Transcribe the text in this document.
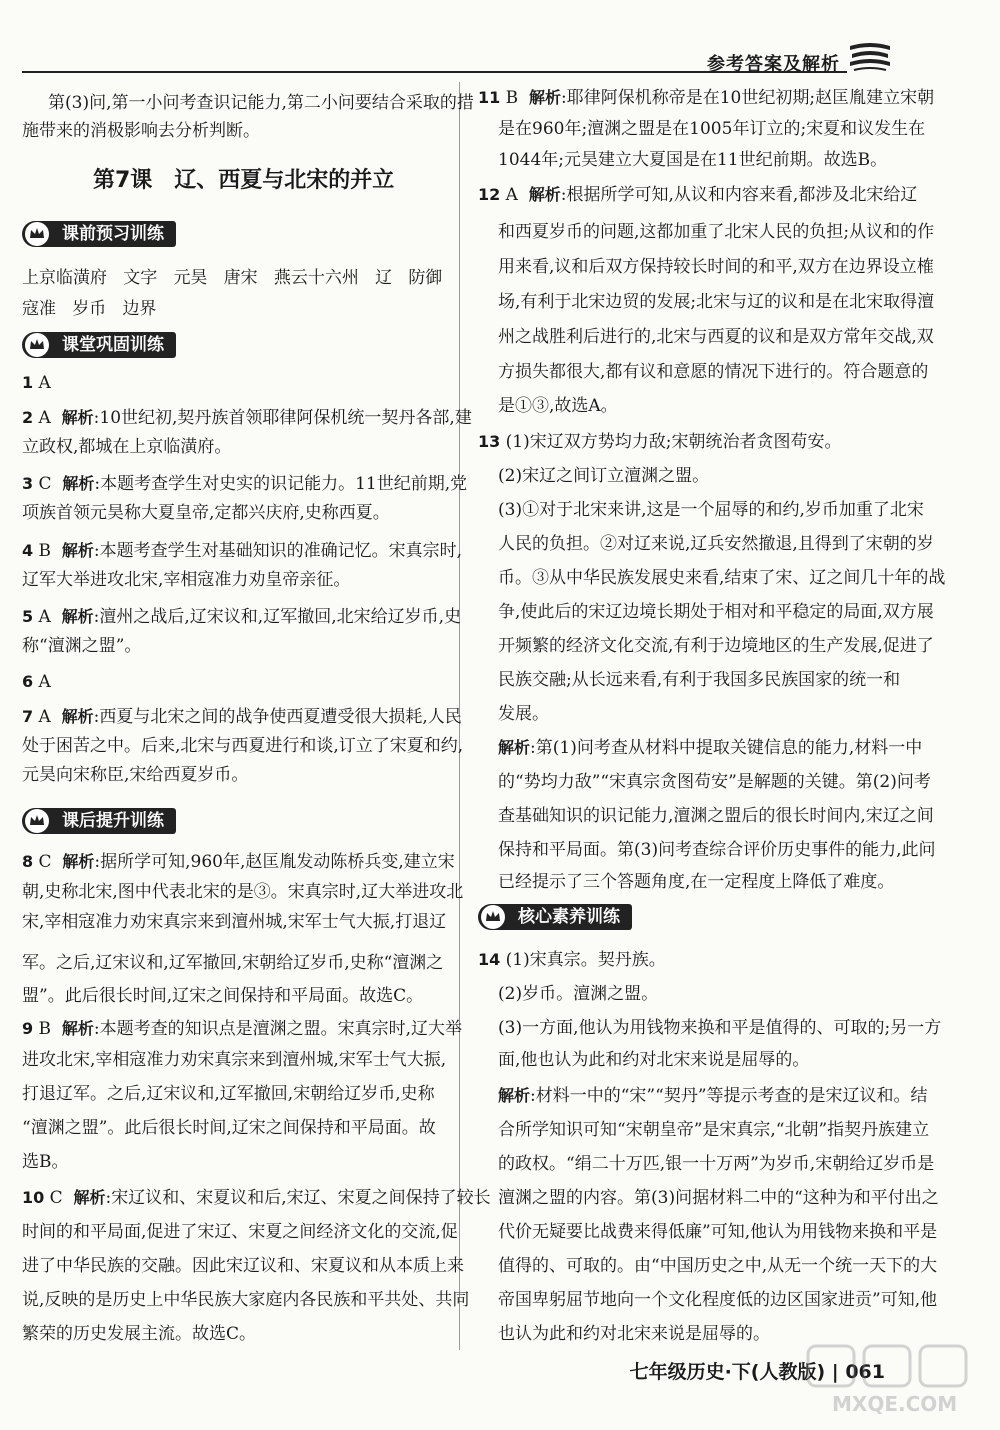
参考答案及解析
第(3)问,第一小问考查识记能力,第二小问要结合采取的措
施带来的消极影响去分析判断。
第7课　辽、西夏与北宋的并立
课前预习训练
上京临潢府 文字 元昊 唐宋 燕云十六州 辽 防御
寇准 岁币 边界
课堂巩固训练
1 A
2 A 解析:10世纪初,契丹族首领耶律阿保机统一契丹各部,建
立政权,都城在上京临潢府。
3 C 解析:本题考查学生对史实的识记能力。11世纪前期,党
项族首领元昊称大夏皇帝,定都兴庆府,史称西夏。
4 B 解析:本题考查学生对基础知识的准确记忆。宋真宗时,
辽军大举进攻北宋,宰相寇准力劝皇帝亲征。
5 A 解析:澶州之战后,辽宋议和,辽军撤回,北宋给辽岁币,史
称“澶渊之盟”。
6 A
7 A 解析:西夏与北宋之间的战争使西夏遭受很大损耗,人民
处于困苦之中。后来,北宋与西夏进行和谈,订立了宋夏和约,
元昊向宋称臣,宋给西夏岁币。
课后提升训练
8 C 解析:据所学可知,960年,赵匡胤发动陈桥兵变,建立宋
朝,史称北宋,图中代表北宋的是③。宋真宗时,辽大举进攻北
宋,宰相寇准力劝宋真宗来到澶州城,宋军士气大振,打退辽
军。之后,辽宋议和,辽军撤回,宋朝给辽岁币,史称“澶渊之
盟”。此后很长时间,辽宋之间保持和平局面。故选C。
9 B 解析:本题考查的知识点是澶渊之盟。宋真宗时,辽大举
进攻北宋,宰相寇准力劝宋真宗来到澶州城,宋军士气大振,
打退辽军。之后,辽宋议和,辽军撤回,宋朝给辽岁币,史称
“澶渊之盟”。此后很长时间,辽宋之间保持和平局面。故
选B。
10 C 解析:宋辽议和、宋夏议和后,宋辽、宋夏之间保持了较长
时间的和平局面,促进了宋辽、宋夏之间经济文化的交流,促
进了中华民族的交融。因此宋辽议和、宋夏议和从本质上来
说,反映的是历史上中华民族大家庭内各民族和平共处、共同
繁荣的历史发展主流。故选C。
11 B 解析:耶律阿保机称帝是在10世纪初期;赵匡胤建立宋朝
是在960年;澶渊之盟是在1005年订立的;宋夏和议发生在
1044年;元昊建立大夏国是在11世纪前期。故选B。
12 A 解析:根据所学可知,从议和内容来看,都涉及北宋给辽
和西夏岁币的问题,这都加重了北宋人民的负担;从议和的作
用来看,议和后双方保持较长时间的和平,双方在边界设立榷
场,有利于北宋边贸的发展;北宋与辽的议和是在北宋取得澶
州之战胜利后进行的,北宋与西夏的议和是双方常年交战,双
方损失都很大,都有议和意愿的情况下进行的。符合题意的
是①③,故选A。
13 (1)宋辽双方势均力敌;宋朝统治者贪图苟安。
(2)宋辽之间订立澶渊之盟。
(3)①对于北宋来讲,这是一个屈辱的和约,岁币加重了北宋
人民的负担。②对辽来说,辽兵安然撤退,且得到了宋朝的岁
币。③从中华民族发展史来看,结束了宋、辽之间几十年的战
争,使此后的宋辽边境长期处于相对和平稳定的局面,双方展
开频繁的经济文化交流,有利于边境地区的生产发展,促进了
民族交融;从长远来看,有利于我国多民族国家的统一和
发展。
解析:第(1)问考查从材料中提取关键信息的能力,材料一中
的“势均力敌”“宋真宗贪图苟安”是解题的关键。第(2)问考
查基础知识的识记能力,澶渊之盟后的很长时间内,宋辽之间
保持和平局面。第(3)问考查综合评价历史事件的能力,此问
已经提示了三个答题角度,在一定程度上降低了难度。
核心素养训练
14 (1)宋真宗。契丹族。
(2)岁币。澶渊之盟。
(3)一方面,他认为用钱物来换和平是值得的、可取的;另一方
面,他也认为此和约对北宋来说是屈辱的。
解析:材料一中的“宋”“契丹”等提示考查的是宋辽议和。结
合所学知识可知“宋朝皇帝”是宋真宗,“北朝”指契丹族建立
的政权。“绢二十万匹,银一十万两”为岁币,宋朝给辽岁币是
澶渊之盟的内容。第(3)问据材料二中的“这种为和平付出之
代价无疑要比战费来得低廉”可知,他认为用钱物来换和平是
值得的、可取的。由“中国历史之中,从无一个统一天下的大
帝国卑躬屈节地向一个文化程度低的边区国家进贡”可知,他
也认为此和约对北宋来说是屈辱的。
七年级历史·下(人教版) | 061
MXQE.COM
